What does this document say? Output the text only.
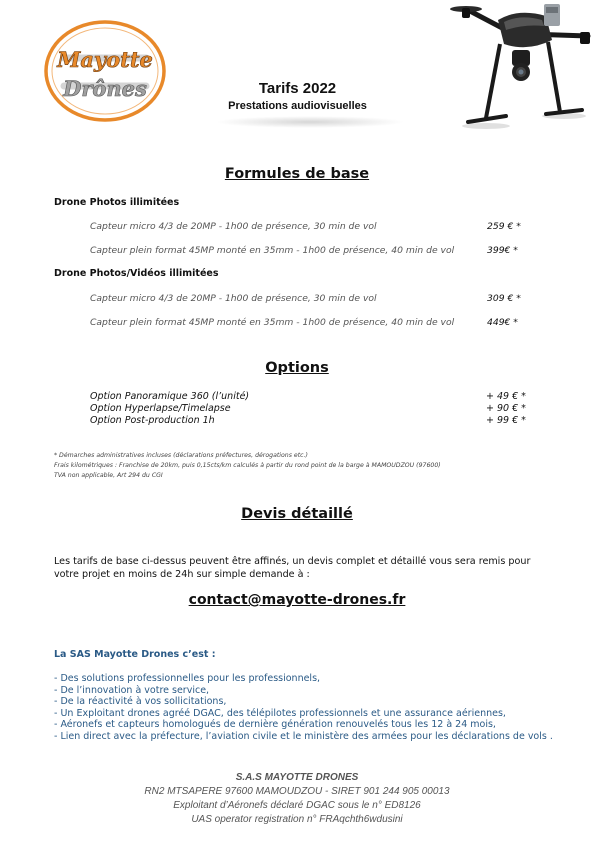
Mayotte
Drônes	Tarifs 2022
Prestations audiovisuelles
Formules de base
Drone Photos illimitées
Capteur micro 4/3 de 20MP - 1h00 de présence, 30 min de vol	259 € *
Capteur plein format 45MP monté en 35mm - 1h00 de présence, 40 min de vol	399€ *
Drone Photos/Vidéos illimitées
Capteur micro 4/3 de 20MP - 1h00 de présence, 30 min de vol	309 € *
Capteur plein format 45MP monté en 35mm - 1h00 de présence, 40 min de vol	449€ *
Options
Option Panoramique 360 (l’unité)	+ 49 € *
Option Hyperlapse/Timelapse	+ 90 € *
Option Post-production 1h	+ 99 € *
* Démarches administratives incluses (déclarations préfectures, dérogations etc.)
Frais kilométriques : Franchise de 20km, puis 0,15cts/km calculés à partir du rond point de la barge à MAMOUDZOU (97600)
TVA non applicable, Art 294 du CGI
Devis détaillé
Les tarifs de base ci-dessus peuvent être affinés, un devis complet et détaillé vous sera remis pour votre projet en moins de 24h sur simple demande à :
contact@mayotte-drones.fr
La SAS Mayotte Drones c’est :
- Des solutions professionnelles pour les professionnels,
- De l’innovation à votre service,
- De la réactivité à vos sollicitations,
- Un Exploitant drones agréé DGAC, des télépilotes professionnels et une assurance aériennes,
- Aéronefs et capteurs homologués de dernière génération renouvelés tous les 12 à 24 mois,
- Lien direct avec la préfecture, l’aviation civile et le ministère des armées pour les déclarations de vols .
S.A.S MAYOTTE DRONES
RN2 MTSAPERE 97600 MAMOUDZOU - SIRET 901 244 905 00013
Exploitant d’Aéronefs déclaré DGAC sous le n° ED8126
UAS operator registration n° FRAqchth6wdusini
